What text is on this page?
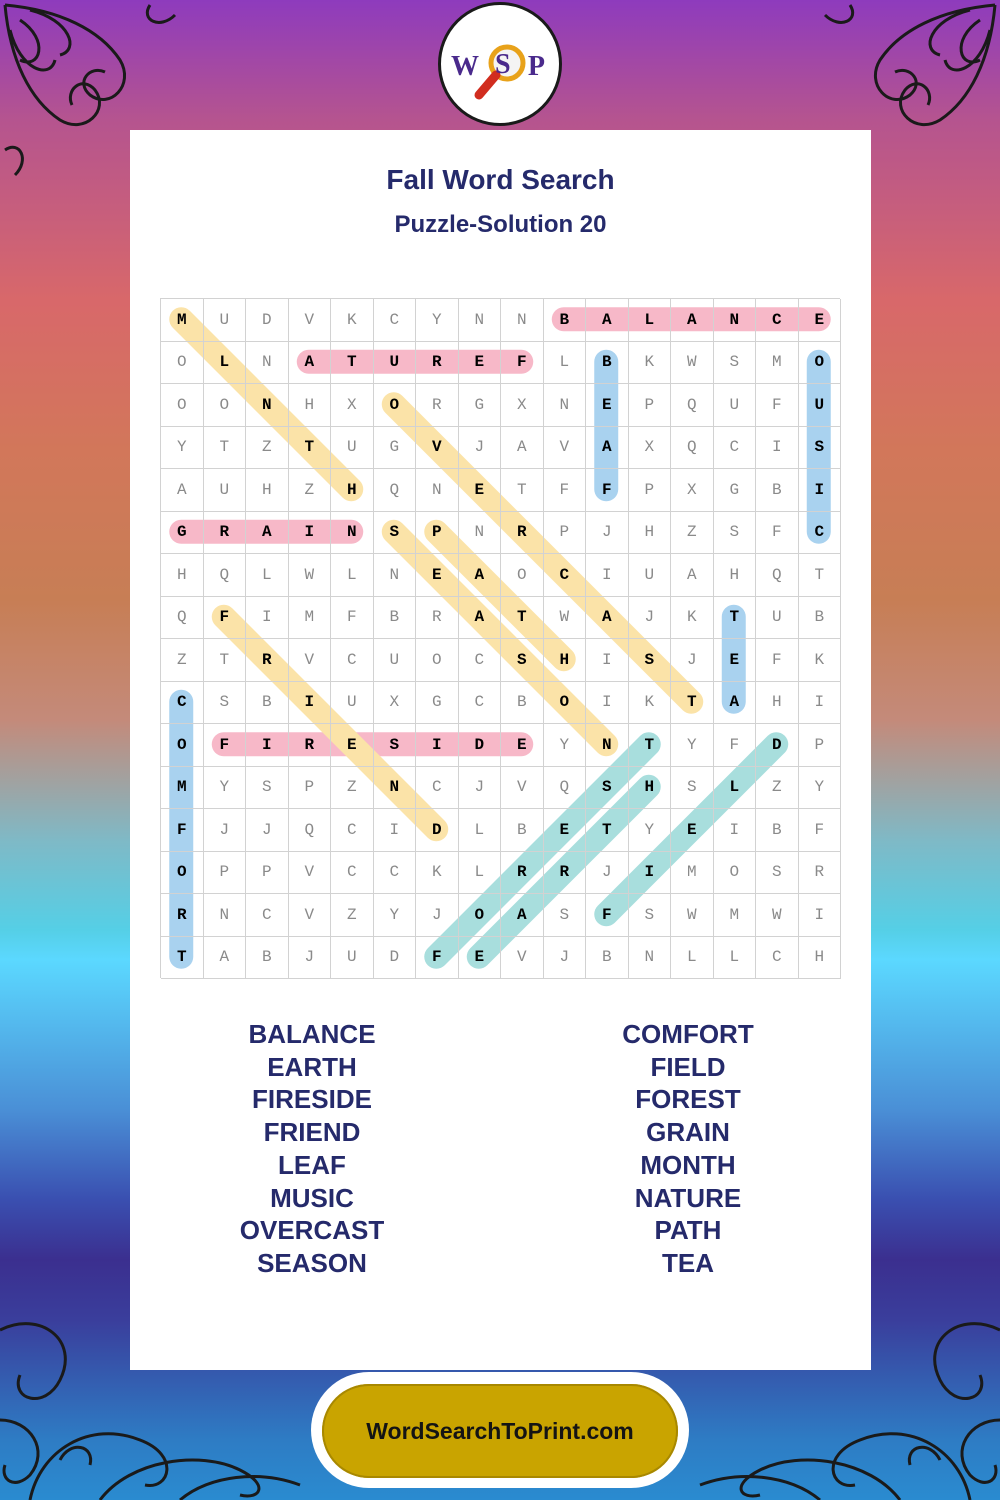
W S P
Fall Word Search
Puzzle-Solution 20
M	U	D	V	K	C	Y	N	N	B	A	L	A	N	C	E
O	L	N	A	T	U	R	E	F	L	B	K	W	S	M	O
O	O	N	H	X	O	R	G	X	N	E	P	Q	U	F	U
Y	T	Z	T	U	G	V	J	A	V	A	X	Q	C	I	S
A	U	H	Z	H	Q	N	E	T	F	F	P	X	G	B	I
G	R	A	I	N	S	P	N	R	P	J	H	Z	S	F	C
H	Q	L	W	L	N	E	A	O	C	I	U	A	H	Q	T
Q	F	I	M	F	B	R	A	T	W	A	J	K	T	U	B
Z	T	R	V	C	U	O	C	S	H	I	S	J	E	F	K
C	S	B	I	U	X	G	C	B	O	I	K	T	A	H	I
O	F	I	R	E	S	I	D	E	Y	N	T	Y	F	D	P
M	Y	S	P	Z	N	C	J	V	Q	S	H	S	L	Z	Y
F	J	J	Q	C	I	D	L	B	E	T	Y	E	I	B	F
O	P	P	V	C	C	K	L	R	R	J	I	M	O	S	R
R	N	C	V	Z	Y	J	O	A	S	F	S	W	M	W	I
T	A	B	J	U	D	F	E	V	J	B	N	L	L	C	H
BALANCE
EARTH
FIRESIDE
FRIEND
LEAF
MUSIC
OVERCAST
SEASON
COMFORT
FIELD
FOREST
GRAIN
MONTH
NATURE
PATH
TEA
WordSearchToPrint.com
